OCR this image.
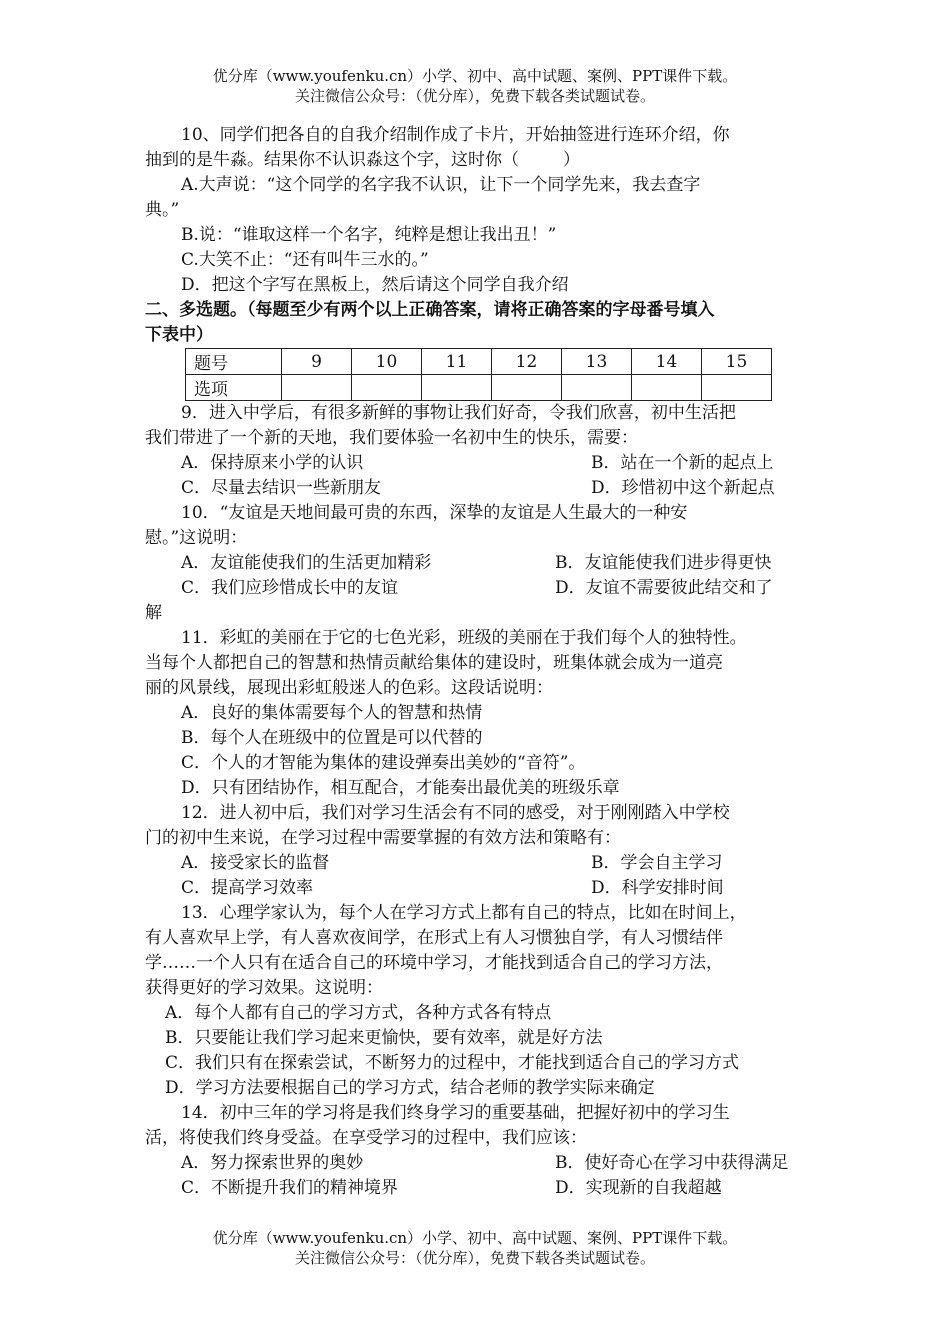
优分库（www.youfenku.cn）小学、初中、高中试题、案例、PPT课件下载。
关注微信公众号：（优分库），免费下载各类试题试卷。
10、同学们把各自的自我介绍制作成了卡片，开始抽签进行连环介绍，你
抽到的是牛淼。结果你不认识淼这个字，这时你（	）
A.大声说：“这个同学的名字我不认识，让下一个同学先来，我去查字
典。”
B.说：“谁取这样一个名字，纯粹是想让我出丑！”
C.大笑不止：“还有叫牛三水的。”
D．把这个字写在黑板上，然后请这个同学自我介绍
二、多选题。（每题至少有两个以上正确答案，请将正确答案的字母番号填入
下表中）
题号	9	10	11	12	13	14	15
选项							
9．进入中学后，有很多新鲜的事物让我们好奇，令我们欣喜，初中生活把
我们带进了一个新的天地，我们要体验一名初中生的快乐，需要：
A．保持原来小学的认识	B．站在一个新的起点上
C．尽量去结识一些新朋友	D．珍惜初中这个新起点
10．“友谊是天地间最可贵的东西，深挚的友谊是人生最大的一种安
慰。”这说明：
A．友谊能使我们的生活更加精彩	B．友谊能使我们进步得更快
C．我们应珍惜成长中的友谊	D．友谊不需要彼此结交和了
解
11．彩虹的美丽在于它的七色光彩，班级的美丽在于我们每个人的独特性。
当每个人都把自己的智慧和热情贡献给集体的建设时，班集体就会成为一道亮
丽的风景线，展现出彩虹般迷人的色彩。这段话说明：
A．良好的集体需要每个人的智慧和热情
B．每个人在班级中的位置是可以代替的
C．个人的才智能为集体的建设弹奏出美妙的“音符”。
D．只有团结协作，相互配合，才能奏出最优美的班级乐章
12．进人初中后，我们对学习生活会有不同的感受，对于刚刚踏入中学校
门的初中生来说，在学习过程中需要掌握的有效方法和策略有：
A．接受家长的监督	B．学会自主学习
C．提高学习效率	D．科学安排时间
13．心理学家认为，每个人在学习方式上都有自己的特点，比如在时间上，
有人喜欢早上学，有人喜欢夜间学，在形式上有人习惯独自学，有人习惯结伴
学……一个人只有在适合自己的环境中学习，才能找到适合自己的学习方法，
获得更好的学习效果。这说明：
A．每个人都有自己的学习方式，各种方式各有特点
B．只要能让我们学习起来更愉快，要有效率，就是好方法
C．我们只有在探索尝试，不断努力的过程中，才能找到适合自己的学习方式
D．学习方法要根据自己的学习方式，结合老师的教学实际来确定
14．初中三年的学习将是我们终身学习的重要基础，把握好初中的学习生
活，将使我们终身受益。在享受学习的过程中，我们应该：
A．努力探索世界的奥妙	B．使好奇心在学习中获得满足
C．不断提升我们的精神境界	D．实现新的自我超越
优分库（www.youfenku.cn）小学、初中、高中试题、案例、PPT课件下载。
关注微信公众号：（优分库），免费下载各类试题试卷。
